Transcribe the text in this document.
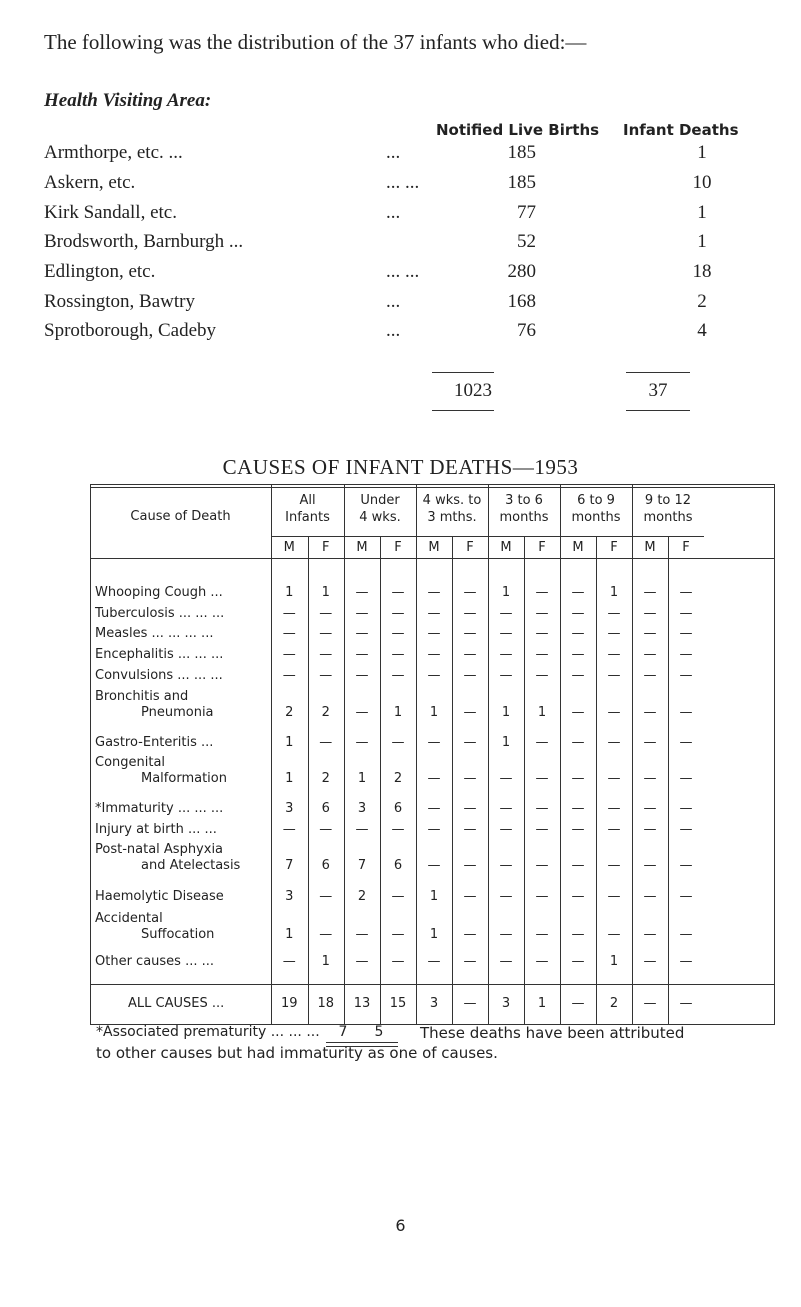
The following was the distribution of the 37 infants who died:—
Health Visiting Area:
Notified Live Births Infant Deaths
Armthorpe, etc. ...	...	185	1
Askern, etc.	... ...	185	10
Kirk Sandall, etc.	...	77	1
Brodsworth, Barnburgh ...	52	1
Edlington, etc.	... ...	280	18
Rossington, Bawtry	...	168	2
Sprotborough, Cadeby	...	76	4
1023	37
CAUSES OF INFANT DEATHS—1953
Cause of Death
All
Infants
M	F
Under
4 wks.
M	F
4 wks. to
3 mths.
M	F
3 to 6
months
M	F
6 to 9
months
M	F
9 to 12
months
M	F
Whooping Cough ...	1	1	—	—	—	—	1	—	—	1	—	—
Tuberculosis ... ... ...	—	—	—	—	—	—	—	—	—	—	—	—
Measles ... ... ... ...	—	—	—	—	—	—	—	—	—	—	—	—
Encephalitis ... ... ...	—	—	—	—	—	—	—	—	—	—	—	—
Convulsions ... ... ...	—	—	—	—	—	—	—	—	—	—	—	—
Bronchitis and
Pneumonia	2	2	—	1	1	—	1	1	—	—	—	—
Gastro-Enteritis ...	1	—	—	—	—	—	1	—	—	—	—	—
Congenital
Malformation	1	2	1	2	—	—	—	—	—	—	—	—
*Immaturity ... ... ...	3	6	3	6	—	—	—	—	—	—	—	—
Injury at birth ... ...	—	—	—	—	—	—	—	—	—	—	—	—
Post-natal Asphyxia
and Atelectasis	7	6	7	6	—	—	—	—	—	—	—	—
Haemolytic Disease	3	—	2	—	1	—	—	—	—	—	—	—
Accidental
Suffocation	1	—	—	—	1	—	—	—	—	—	—	—
Other causes ... ...	—	1	—	—	—	—	—	—	—	1	—	—
ALL CAUSES ...	19	18	13	15	3	—	3	1	—	2	—	—
*Associated prematurity ... ... ...	7	5	These deaths have been attributed
to other causes but had immaturity as one of causes.
6
